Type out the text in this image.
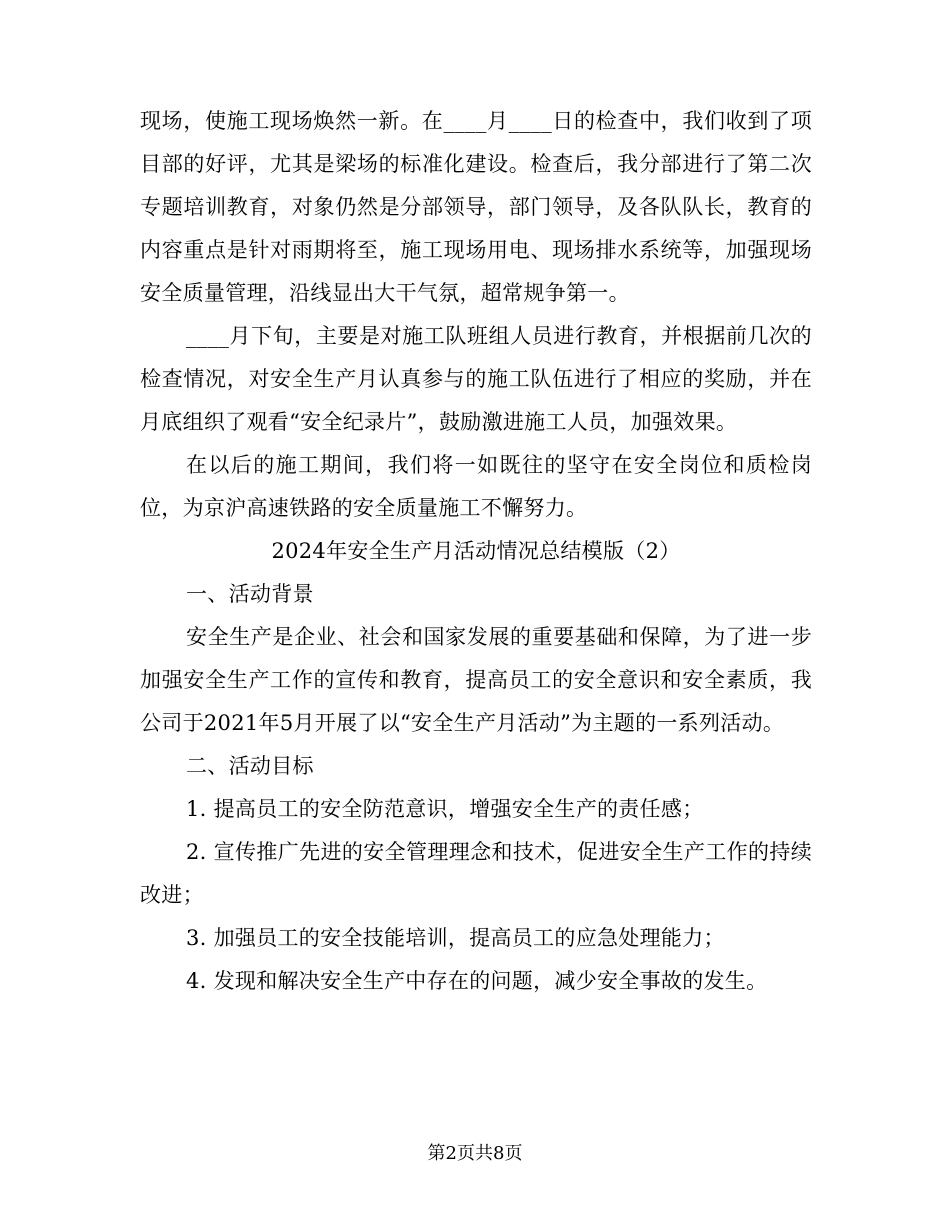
现场，使施工现场焕然一新。在____月____日的检查中，我们收到了项目部的好评，尤其是梁场的标准化建设。检查后，我分部进行了第二次专题培训教育，对象仍然是分部领导，部门领导，及各队队长，教育的内容重点是针对雨期将至，施工现场用电、现场排水系统等，加强现场安全质量管理，沿线显出大干气氛，超常规争第一。

____月下旬，主要是对施工队班组人员进行教育，并根据前几次的检查情况，对安全生产月认真参与的施工队伍进行了相应的奖励，并在月底组织了观看“安全纪录片”，鼓励激进施工人员，加强效果。

在以后的施工期间，我们将一如既往的坚守在安全岗位和质检岗位，为京沪高速铁路的安全质量施工不懈努力。

2024年安全生产月活动情况总结模版（2）

一、活动背景

安全生产是企业、社会和国家发展的重要基础和保障，为了进一步加强安全生产工作的宣传和教育，提高员工的安全意识和安全素质，我公司于2021年5月开展了以“安全生产月活动”为主题的一系列活动。

二、活动目标

1. 提高员工的安全防范意识，增强安全生产的责任感；

2. 宣传推广先进的安全管理理念和技术，促进安全生产工作的持续改进；

3. 加强员工的安全技能培训，提高员工的应急处理能力；

4. 发现和解决安全生产中存在的问题，减少安全事故的发生。

第2页共8页
